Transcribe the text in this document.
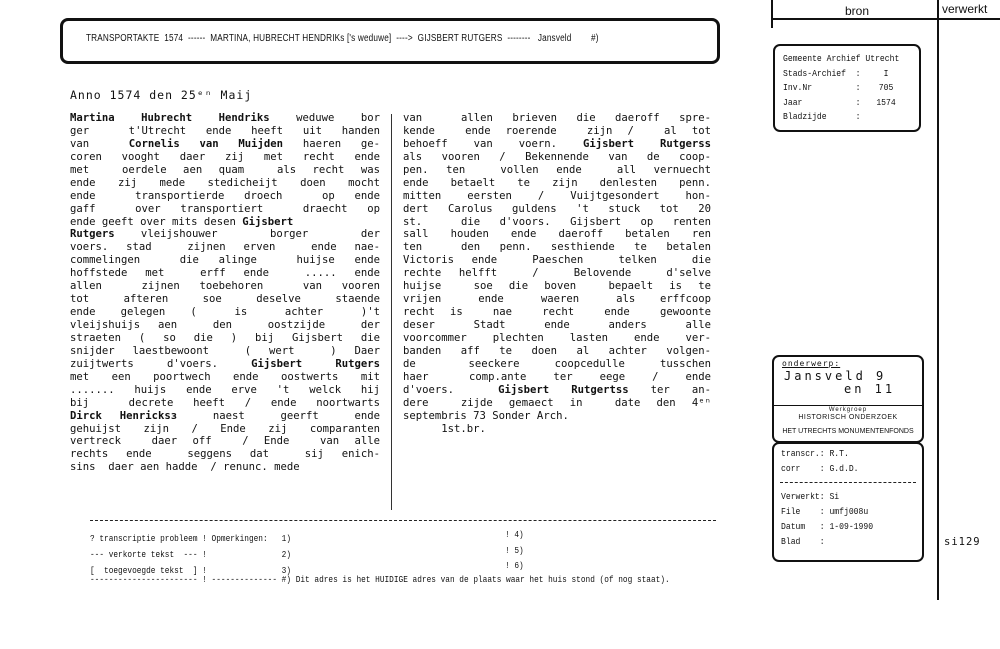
TRANSPORTAKTE  1574  ------  MARTINA, HUBRECHT HENDRIKs ['s weduwe]  ---->  GIJSBERT RUTGERS  --------   Jansveld        #)
Anno 1574 den 25ᵉⁿ Maij
Martina Hubrecht Hendriks weduwe bor
ger  t'Utrecht ende heeft uit handen
van  Cornelis van Muijden haeren ge-
coren vooght daer zij met recht ende
met  oerdele aen quam  als recht was
ende zij mede stedicheijt doen mocht
ende  transportierde droech  op ende
gaff  over transportiert  draecht op
ende geeft over mits desen Gijsbert
Rutgers vleijshouwer  borger  der
voers. stad  zijnen erven  ende nae-
commelingen  die alinge  huijse ende
hoffstede met  erff ende  ..... ende
allen  zijnen toebehoren  van vooren
tot  afteren  soe  deselve  staende
ende  gelegen  (   is   achter   )'t
vleijshuijs aen  den  oostzijde  der
straeten ( so die ) bij Gijsbert die
snijder laestbewoont  ( wert  ) Daer
zuijtwerts d'voers. Gijsbert Rutgers
met een poortwech ende oostwerts mit
....... huijs ende erve 't welck hij
bij  decrete heeft / ende noortwarts
Dirck Henricksз  naest  geerft  ende
gehuijst zijn / Ende zij comparanten
vertreck  daer off  / Ende  van alle
rechts ende  seggens dat  sij enich-
sins  daer aen hadde  / renunc. mede
van  allen brieven die daeroff spre-
kende  ende roerende  zijn /  al tot
behoeff van voern. Gijsbert Rutgerss
als vooren / Bekennende van de coop-
pen. ten  vollen ende  all vernuecht
ende betaelt te zijn denlesten penn.
mitten eersten / Vuijtgesondert hon-
dert Carolus guldens 't stuck tot 20
st.  die d'voors. Gijsbert op renten
sall houden ende daeroff betalen ren
ten  den penn. sesthiende te betalen
Victoris ende  Paeschen  telken  die
rechte helfft  /  Belovende  d'selve
huijse  soe die boven  bepaelt is te
vrijen   ende   waeren   als  erffcoop
recht is  nae  recht  ende  gewoonte
deser   Stadt   ende   anders   alle
voorcommer plechten lasten ende ver-
banden aff te doen al achter volgen-
de   seeckere  coopcedulle  tusschen
haer   comp.ante  ter  eege  /  ende
d'voers.  Gijsbert Rutgertss ter an-
dere  zijde gemaect in  date den 4ᵉⁿ
septembris 73 Sonder Arch.
1st.br.
bron	verwerkt
Gemeente Archief Utrecht
Stads-Archief  : I
Inv.Nr         : 705
Jaar           : 1574
Bladzijde      :
onderwerp:
Jansveld 9
en 11
Werkgroep
HISTORISCH ONDERZOEK
HET UTRECHTS MONUMENTENFONDS
transcr.: R.T.
corr    : G.d.D.
Verwerkt: Si
File    : umfj008u
Datum   : 1-09-1990
Blad    :	si129
? transcriptie probleem ! Opmerkingen:   1)
--- verkorte tekst  --- !                2)
[  toegevoegde tekst  ] !                3)
----------------------- ! -------------- #) Dit adres is het HUIDIGE adres van de plaats waar het huis stond (of nog staat).
! 4)
! 5)
! 6)
